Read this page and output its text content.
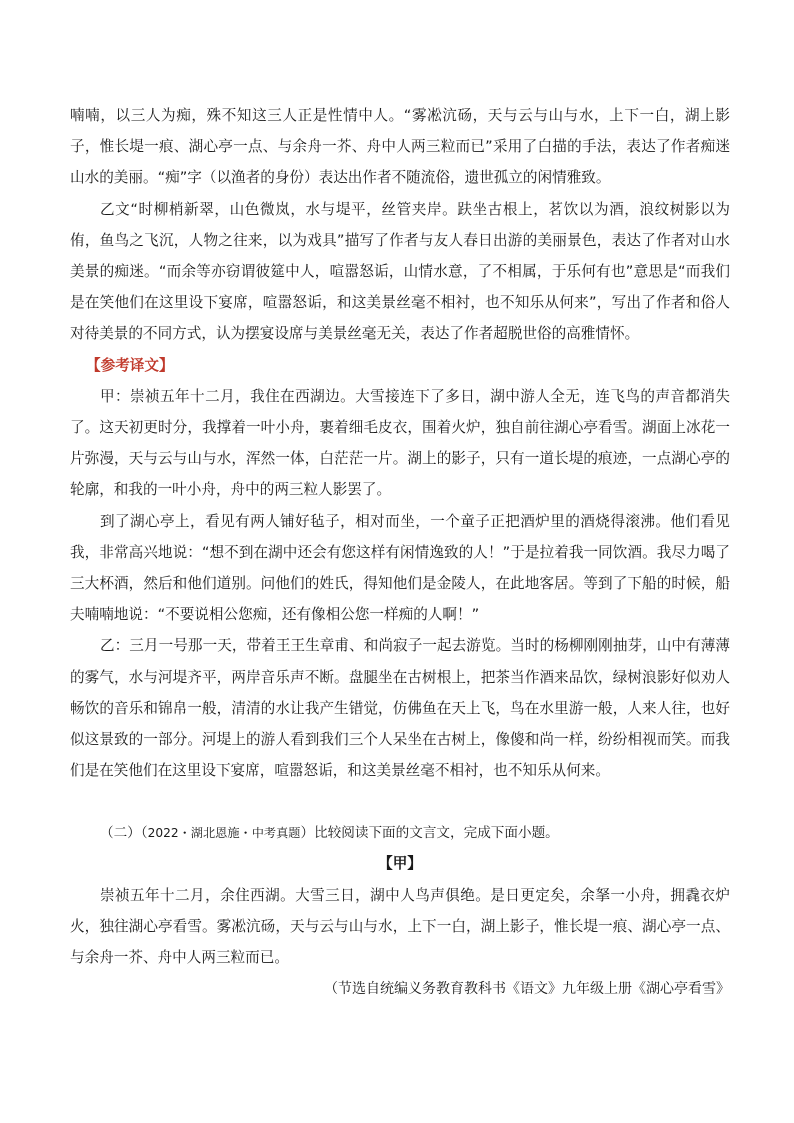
喃喃，以三人为痴，殊不知这三人正是性情中人。“雾凇沆砀，天与云与山与水，上下一白，湖上影子，惟长堤一痕、湖心亭一点、与余舟一芥、舟中人两三粒而已”采用了白描的手法，表达了作者痴迷山水的美丽。“痴”字（以渔者的身份）表达出作者不随流俗，遗世孤立的闲情雅致。

乙文“时柳梢新翠，山色微岚，水与堤平，丝管夹岸。趺坐古根上，茗饮以为酒，浪纹树影以为侑，鱼鸟之飞沉，人物之往来，以为戏具”描写了作者与友人春日出游的美丽景色，表达了作者对山水美景的痴迷。“而余等亦窃谓彼筵中人，喧嚣怒诟，山情水意，了不相属，于乐何有也”意思是“而我们是在笑他们在这里设下宴席，喧嚣怒诟，和这美景丝毫不相衬，也不知乐从何来”，写出了作者和俗人对待美景的不同方式，认为摆宴设席与美景丝毫无关，表达了作者超脱世俗的高雅情怀。

【参考译文】

甲：崇祯五年十二月，我住在西湖边。大雪接连下了多日，湖中游人全无，连飞鸟的声音都消失了。这天初更时分，我撑着一叶小舟，裹着细毛皮衣，围着火炉，独自前往湖心亭看雪。湖面上冰花一片弥漫，天与云与山与水，浑然一体，白茫茫一片。湖上的影子，只有一道长堤的痕迹，一点湖心亭的轮廓，和我的一叶小舟，舟中的两三粒人影罢了。

到了湖心亭上，看见有两人铺好毡子，相对而坐，一个童子正把酒炉里的酒烧得滚沸。他们看见我，非常高兴地说：“想不到在湖中还会有您这样有闲情逸致的人！”于是拉着我一同饮酒。我尽力喝了三大杯酒，然后和他们道别。问他们的姓氏，得知他们是金陵人，在此地客居。等到了下船的时候，船夫喃喃地说：“不要说相公您痴，还有像相公您一样痴的人啊！”

乙：三月一号那一天，带着王王生章甫、和尚寂子一起去游览。当时的杨柳刚刚抽芽，山中有薄薄的雾气，水与河堤齐平，两岸音乐声不断。盘腿坐在古树根上，把茶当作酒来品饮，绿树浪影好似劝人畅饮的音乐和锦帛一般，清清的水让我产生错觉，仿佛鱼在天上飞，鸟在水里游一般，人来人往，也好似这景致的一部分。河堤上的游人看到我们三个人呆坐在古树上，像傻和尚一样，纷纷相视而笑。而我们是在笑他们在这里设下宴席，喧嚣怒诟，和这美景丝毫不相衬，也不知乐从何来。

（二）（2022・湖北恩施・中考真题）比较阅读下面的文言文，完成下面小题。

【甲】

崇祯五年十二月，余住西湖。大雪三日，湖中人鸟声俱绝。是日更定矣，余拏一小舟，拥毳衣炉火，独往湖心亭看雪。雾凇沆砀，天与云与山与水，上下一白，湖上影子，惟长堤一痕、湖心亭一点、与余舟一芥、舟中人两三粒而已。

（节选自统编义务教育教科书《语文》九年级上册《湖心亭看雪》
